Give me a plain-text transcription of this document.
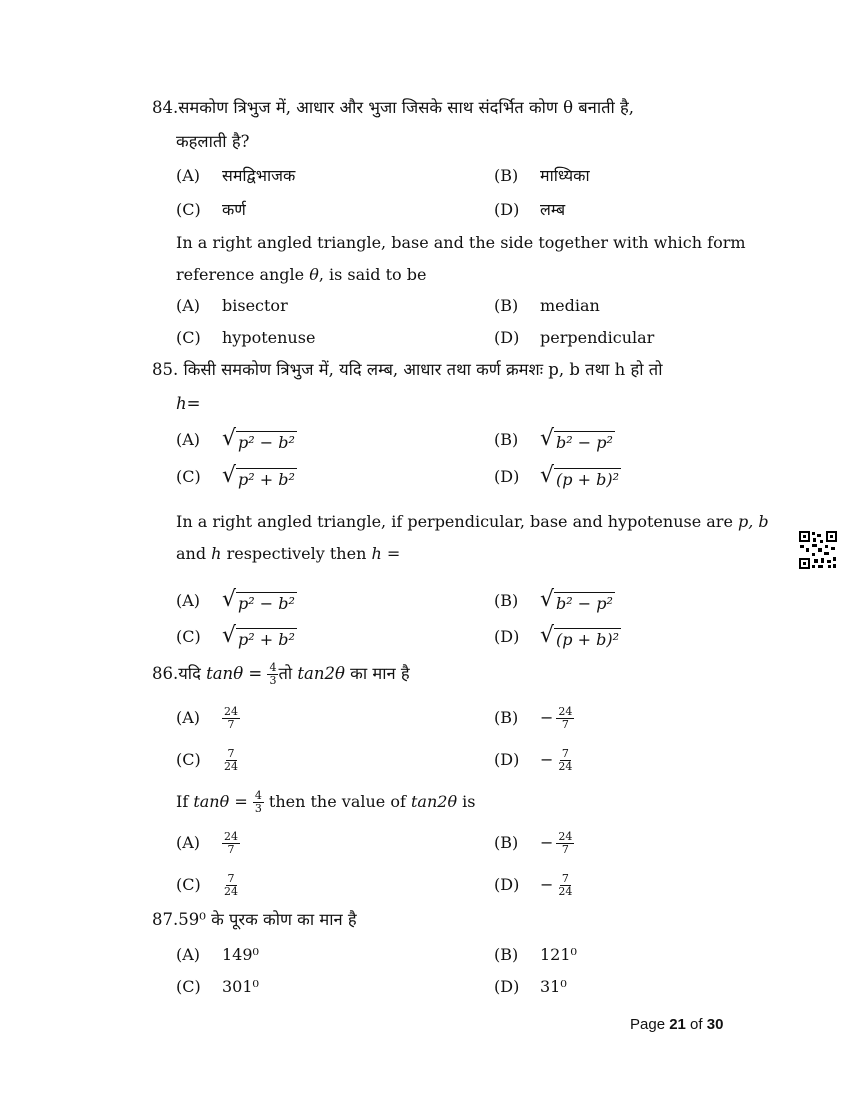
84.समकोण त्रिभुज में, आधार और भुजा जिसके साथ संदर्भित कोण θ बनाती है,
कहलाती है?
(A) समद्विभाजक	(B) माध्यिका
(C) कर्ण	(D) लम्ब
In a right angled triangle, base and the side together with which form
reference angle θ, is said to be
(A) bisector	(B) median
(C) hypotenuse	(D) perpendicular
85. किसी समकोण त्रिभुज में, यदि लम्ब, आधार तथा कर्ण क्रमशः p, b तथा h हो तो
h=
(A) √ p² − b²	(B) √ b² − p²
(C) √ p² + b²	(D) √ (p + b)²
In a right angled triangle, if perpendicular, base and hypotenuse are p, b
and h respectively then h =
(A) √ p² − b²	(B) √ b² − p²
(C) √ p² + b²	(D) √ (p + b)²
86.यदि $\tan\theta = \frac{4}{3}$ तो tan2θ का मान है
$(A) \frac{24}{7}$	$(B) - \frac{24}{7}$
$(C) \frac{7}{24}$	$(D) - \frac{7}{24}$
If $\tan\theta = \frac{4}{3}$ then the value of tan2θ is
$(A) \frac{24}{7}$	$(B) - \frac{24}{7}$
$(C) \frac{7}{24}$	$(D) - \frac{7}{24}$
87.59⁰ के पूरक कोण का मान है
(A) 149⁰	(B) 121⁰
(C) 301⁰	(D) 31⁰
Page 21 of 30
